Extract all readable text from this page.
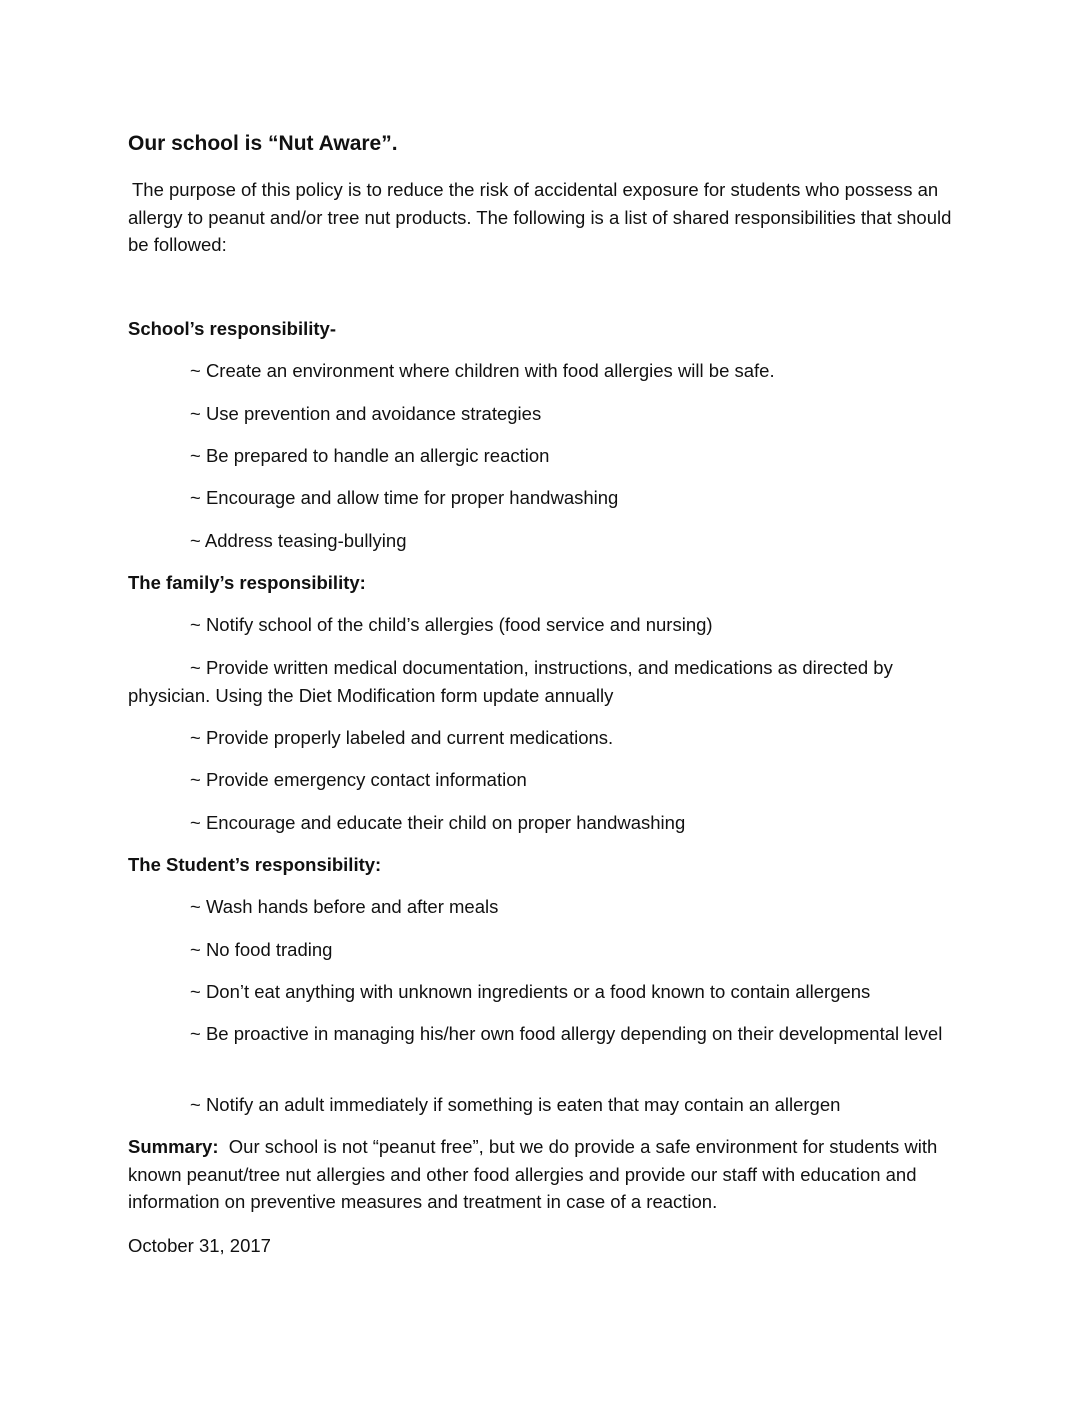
Our school is “Nut Aware”.

The purpose of this policy is to reduce the risk of accidental exposure for students who possess an allergy to peanut and/or tree nut products. The following is a list of shared responsibilities that should be followed:

School’s responsibility-

~ Create an environment where children with food allergies will be safe.

~ Use prevention and avoidance strategies

~ Be prepared to handle an allergic reaction

~ Encourage and allow time for proper handwashing

~ Address teasing-bullying

The family’s responsibility:

~ Notify school of the child’s allergies (food service and nursing)

~ Provide written medical documentation, instructions, and medications as directed by physician. Using the Diet Modification form update annually

~ Provide properly labeled and current medications.

~ Provide emergency contact information

~ Encourage and educate their child on proper handwashing

The Student’s responsibility:

~ Wash hands before and after meals

~ No food trading

~ Don’t eat anything with unknown ingredients or a food known to contain allergens

~ Be proactive in managing his/her own food allergy depending on their developmental level

~ Notify an adult immediately if something is eaten that may contain an allergen

Summary: Our school is not “peanut free”, but we do provide a safe environment for students with known peanut/tree nut allergies and other food allergies and provide our staff with education and information on preventive measures and treatment in case of a reaction.

October 31, 2017
